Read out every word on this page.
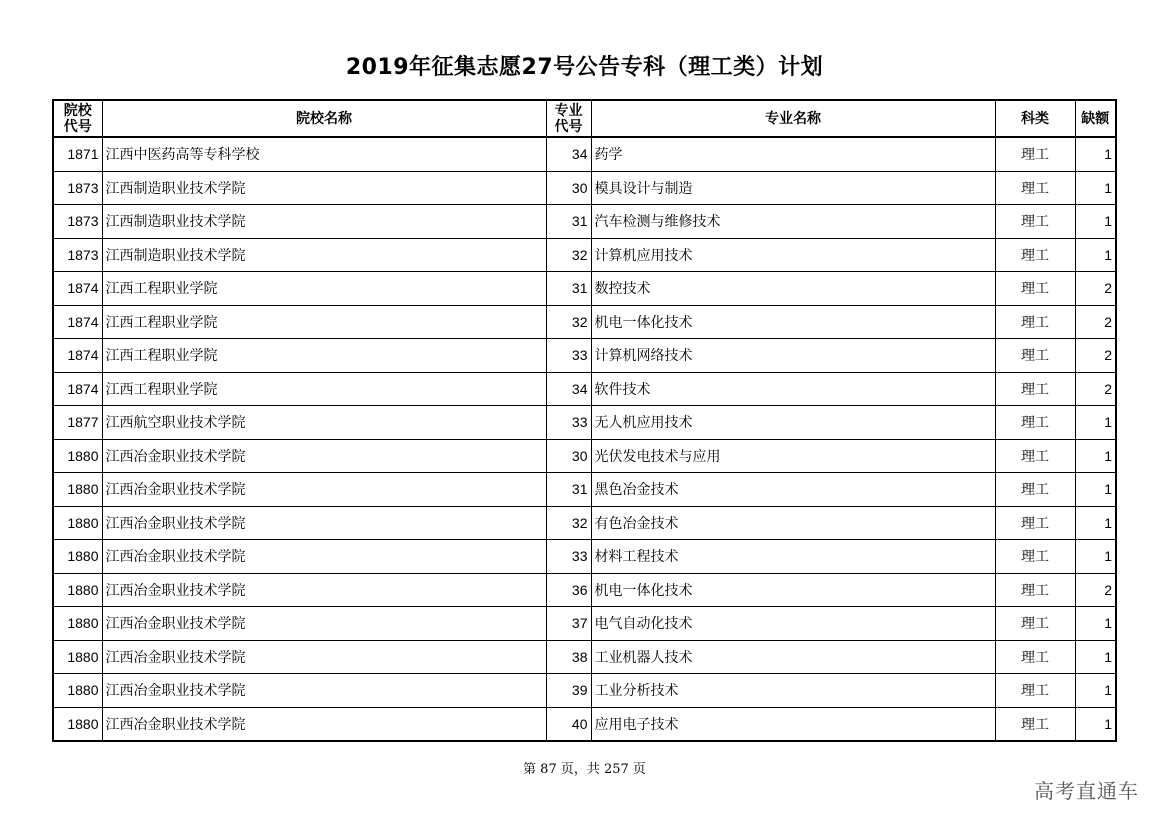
2019年征集志愿27号公告专科（理工类）计划
院校代号	院校名称	专业代号	专业名称	科类	缺额
1871	江西中医药高等专科学校	34	药学	理工	1
1873	江西制造职业技术学院	30	模具设计与制造	理工	1
1873	江西制造职业技术学院	31	汽车检测与维修技术	理工	1
1873	江西制造职业技术学院	32	计算机应用技术	理工	1
1874	江西工程职业学院	31	数控技术	理工	2
1874	江西工程职业学院	32	机电一体化技术	理工	2
1874	江西工程职业学院	33	计算机网络技术	理工	2
1874	江西工程职业学院	34	软件技术	理工	2
1877	江西航空职业技术学院	33	无人机应用技术	理工	1
1880	江西冶金职业技术学院	30	光伏发电技术与应用	理工	1
1880	江西冶金职业技术学院	31	黑色冶金技术	理工	1
1880	江西冶金职业技术学院	32	有色冶金技术	理工	1
1880	江西冶金职业技术学院	33	材料工程技术	理工	1
1880	江西冶金职业技术学院	36	机电一体化技术	理工	2
1880	江西冶金职业技术学院	37	电气自动化技术	理工	1
1880	江西冶金职业技术学院	38	工业机器人技术	理工	1
1880	江西冶金职业技术学院	39	工业分析技术	理工	1
1880	江西冶金职业技术学院	40	应用电子技术	理工	1
第 87 页，共 257 页
高考直通车
